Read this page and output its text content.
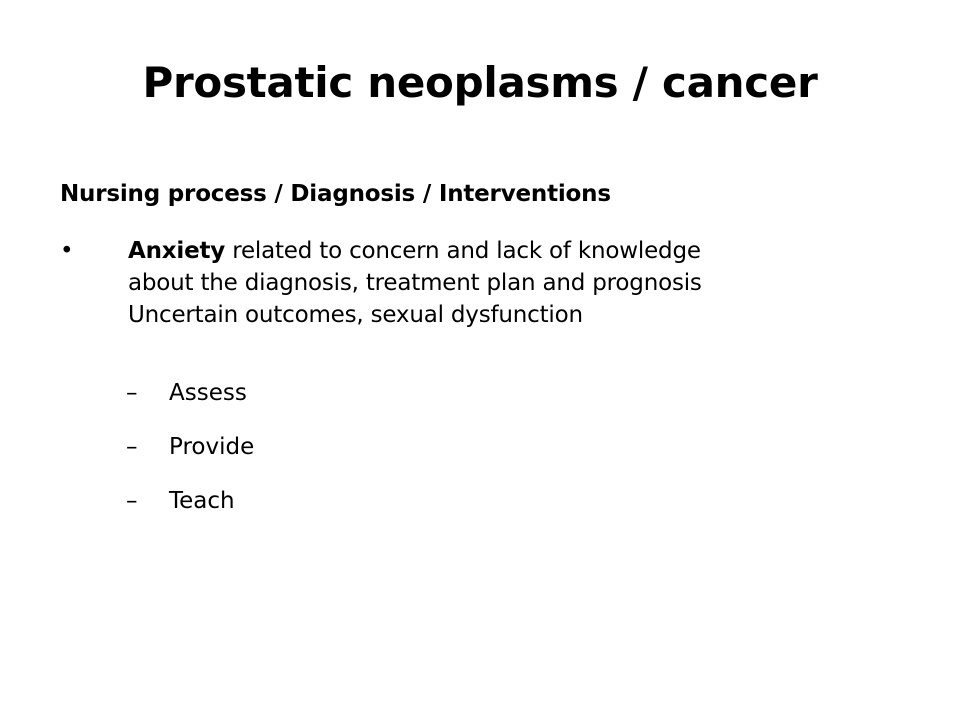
Prostatic neoplasms / cancer
Nursing process / Diagnosis / Interventions
• Anxiety related to concern and lack of knowledge
about the diagnosis, treatment plan and prognosis
Uncertain outcomes, sexual dysfunction
– Assess
– Provide
– Teach
